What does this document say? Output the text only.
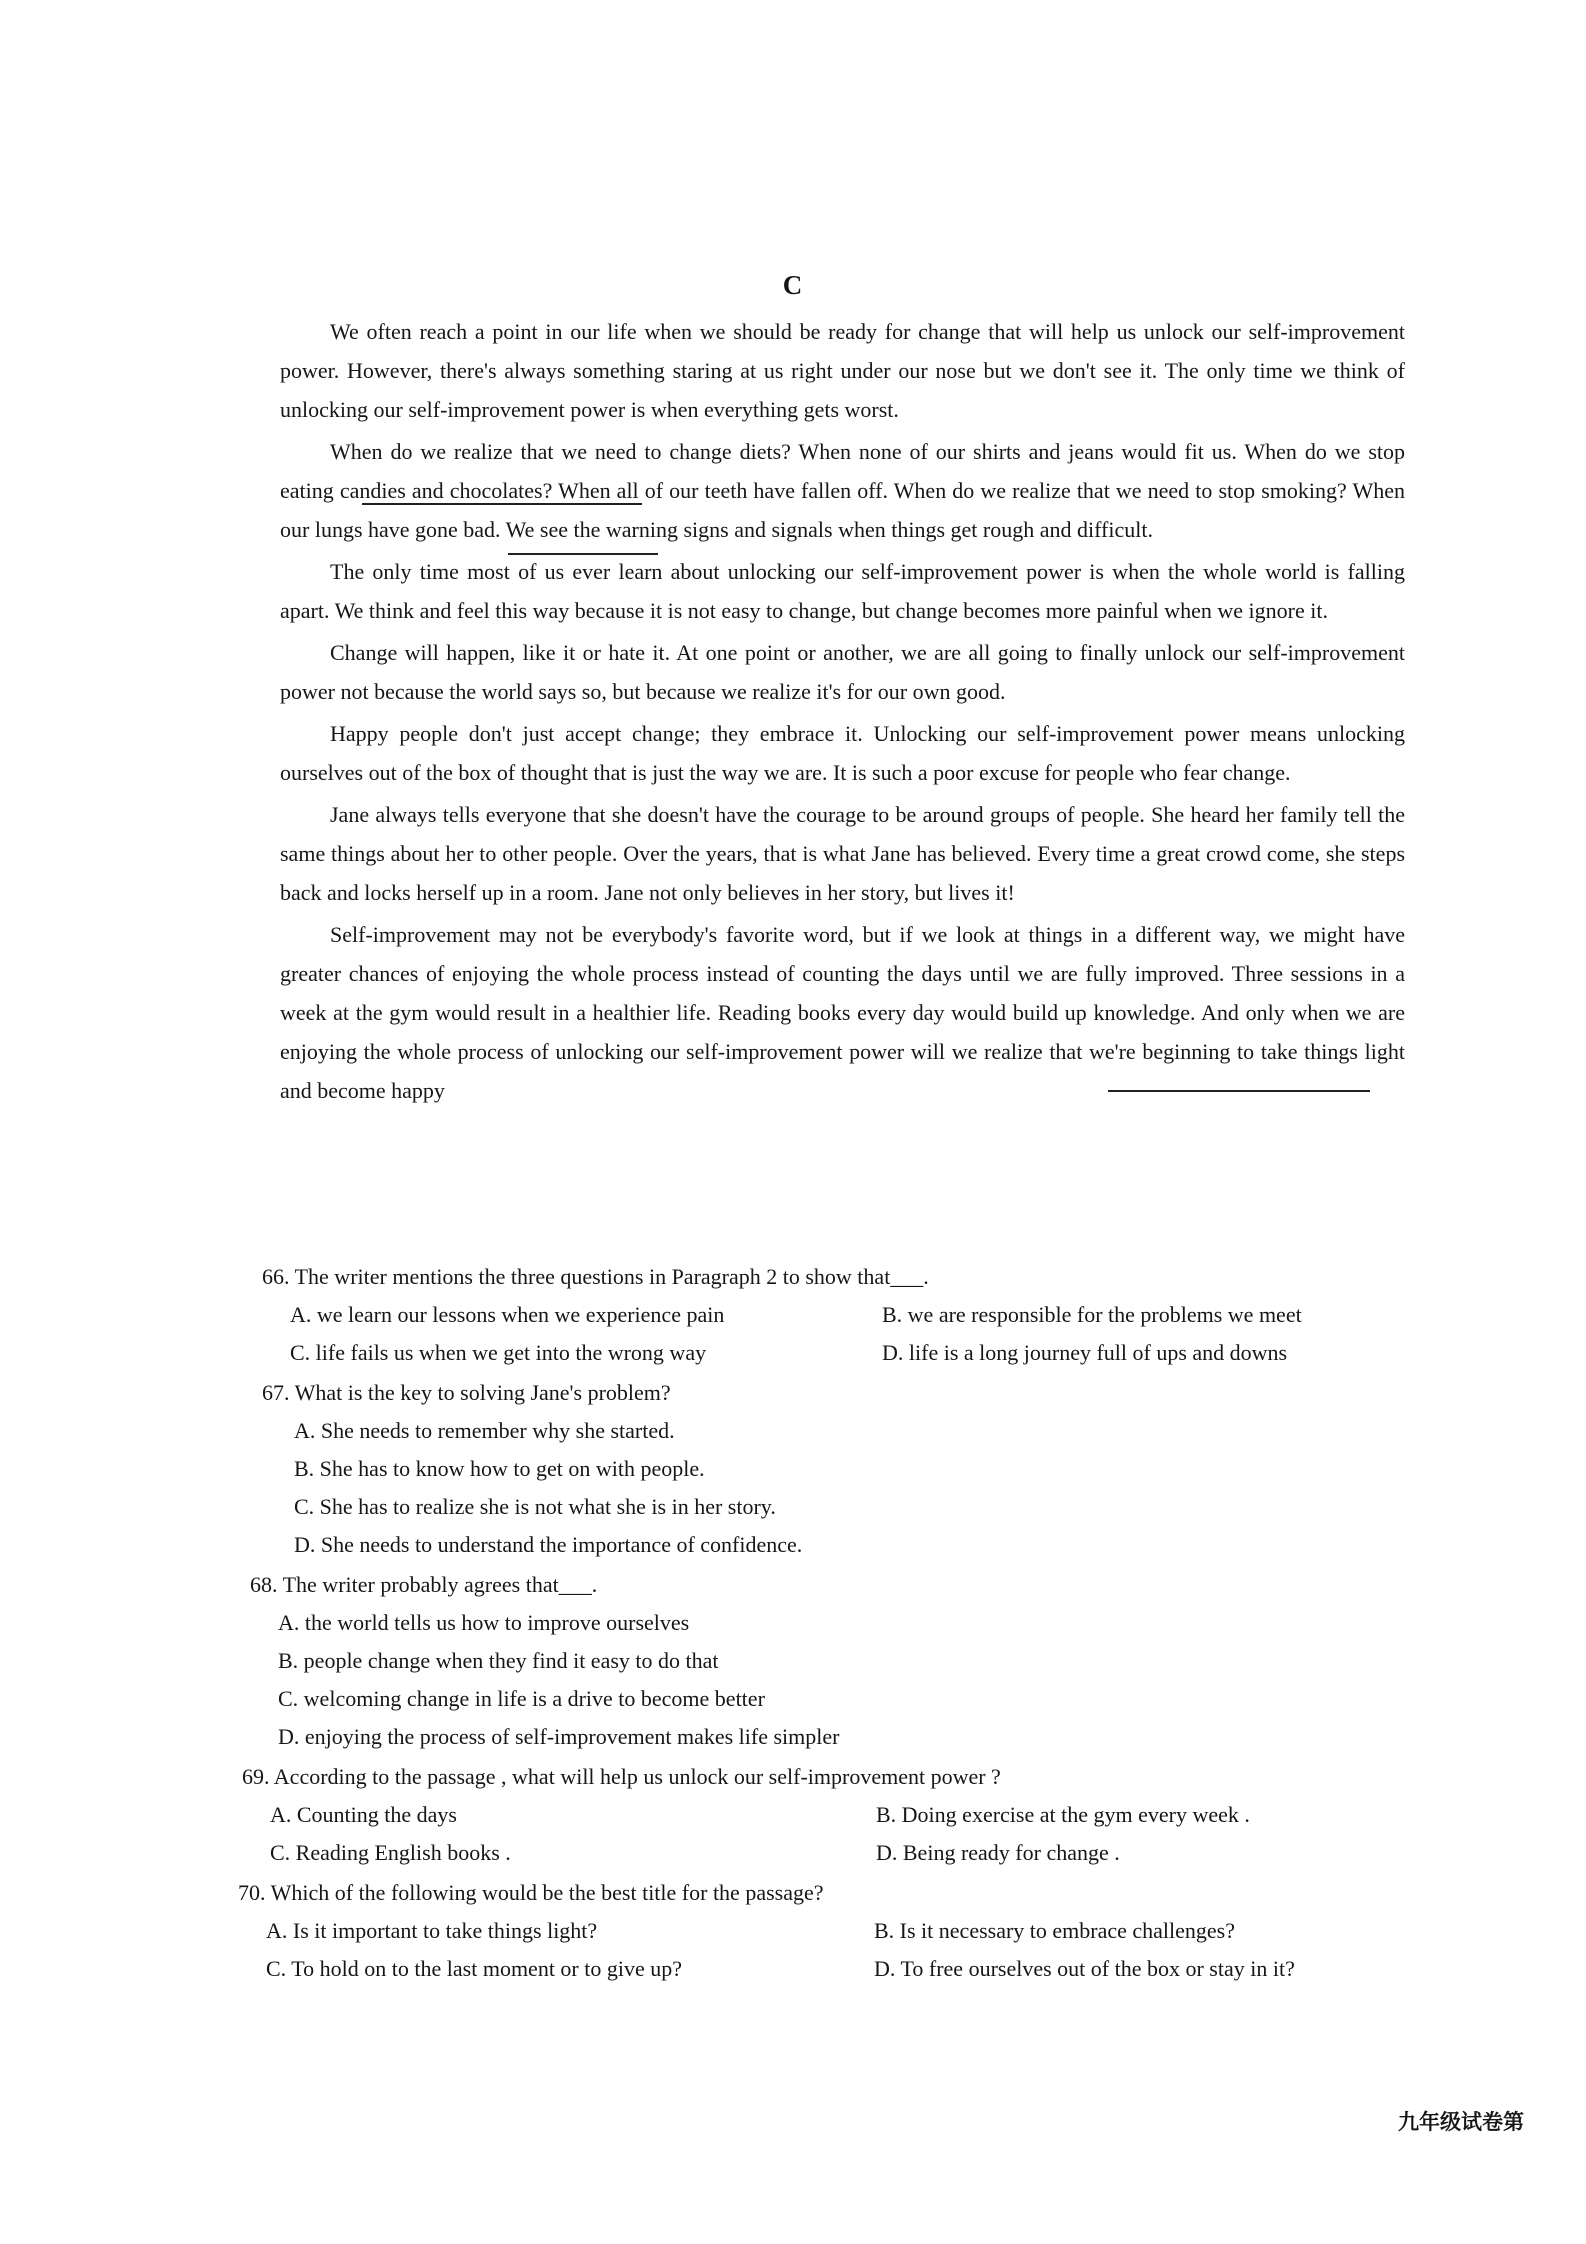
C

We often reach a point in our life when we should be ready for change that will help us unlock our self-improvement power. However, there's always something staring at us right under our nose but we don't see it. The only time we think of unlocking our self-improvement power is when everything gets worst.

When do we realize that we need to change diets? When none of our shirts and jeans would fit us. When do we stop eating candies and chocolates? When all of our teeth have fallen off. When do we realize that we need to stop smoking? When our lungs have gone bad. We see the warning signs and signals when things get rough and difficult.

The only time most of us ever learn about unlocking our self-improvement power is when the whole world is falling apart. We think and feel this way because it is not easy to change, but change becomes more painful when we ignore it.

Change will happen, like it or hate it. At one point or another, we are all going to finally unlock our self-improvement power not because the world says so, but because we realize it's for our own good.

Happy people don't just accept change; they embrace it. Unlocking our self-improvement power means unlocking ourselves out of the box of thought that is just the way we are. It is such a poor excuse for people who fear change.

Jane always tells everyone that she doesn't have the courage to be around groups of people. She heard her family tell the same things about her to other people. Over the years, that is what Jane has believed. Every time a great crowd come, she steps back and locks herself up in a room. Jane not only believes in her story, but lives it!

Self-improvement may not be everybody's favorite word, but if we look at things in a different way, we might have greater chances of enjoying the whole process instead of counting the days until we are fully improved. Three sessions in a week at the gym would result in a healthier life. Reading books every day would build up knowledge. And only when we are enjoying the whole process of unlocking our self-improvement power will we realize that we're beginning to take things light and become happy

66. The writer mentions the three questions in Paragraph 2 to show that___.
A. we learn our lessons when we experience pain	B. we are responsible for the problems we meet
C. life fails us when we get into the wrong way	D. life is a long journey full of ups and downs
67. What is the key to solving Jane's problem?
A. She needs to remember why she started.
B. She has to know how to get on with people.
C. She has to realize she is not what she is in her story.
D. She needs to understand the importance of confidence.
68. The writer probably agrees that___.
A. the world tells us how to improve ourselves
B. people change when they find it easy to do that
C. welcoming change in life is a drive to become better
D. enjoying the process of self-improvement makes life simpler
69. According to the passage , what will help us unlock our self-improvement power ?
A. Counting the days	B. Doing exercise at the gym every week .
C. Reading English books .	D. Being ready for change .
70. Which of the following would be the best title for the passage?
A. Is it important to take things light?	B. Is it necessary to embrace challenges?
C. To hold on to the last moment or to give up?	D. To free ourselves out of the box or stay in it?
九年级试卷第
